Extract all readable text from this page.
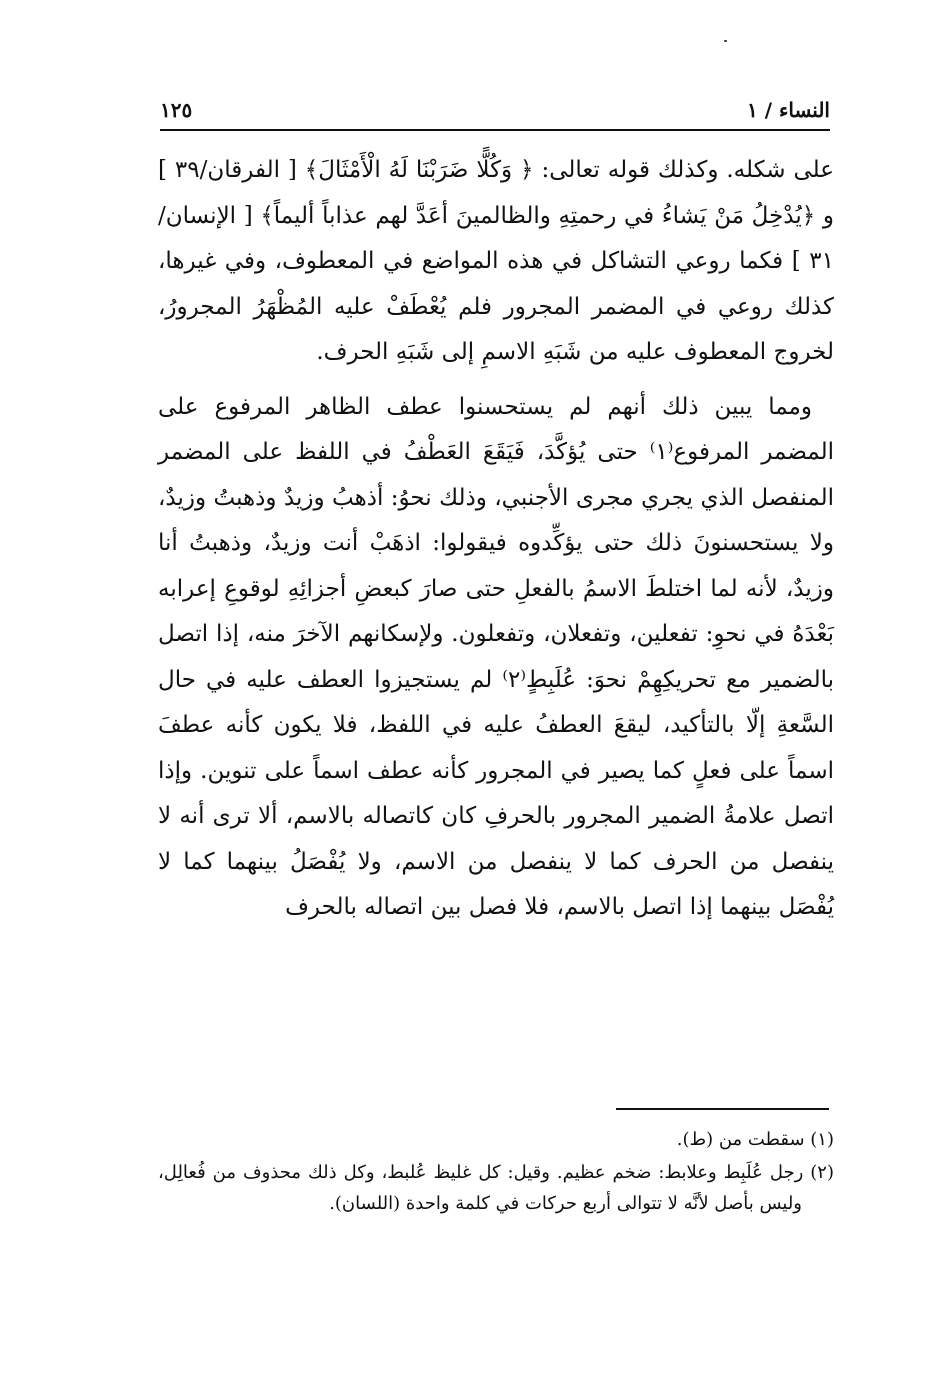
النساء / ١
١٢٥

على شكله. وكذلك قوله تعالى: ﴿ وَكُلًّا ضَرَبْنَا لَهُ الْأَمْثَالَ﴾ [ الفرقان/٣٩ ] و ﴿يُدْخِلُ مَنْ يَشاءُ في رحمتِهِ والظالمينَ أعَدَّ لهم عذاباً أليماً﴾ [ الإنسان/٣١ ] فكما روعي التشاكل في هذه المواضع في المعطوف، وفي غيرها، كذلك روعي في المضمر المجرور فلم يُعْطَفْ عليه المُظْهَرُ المجرورُ، لخروج المعطوف عليه من شَبَهِ الاسمِ إلى شَبَهِ الحرف.

ومما يبين ذلك أنهم لم يستحسنوا عطف الظاهر المرفوع على المضمر المرفوع⁽١⁾ حتى يُؤكَّدَ، فَيَقَعَ العَطْفُ في اللفظ على المضمر المنفصل الذي يجري مجرى الأجنبي، وذلك نحوُ: أذهبُ وزيدٌ وذهبتُ وزيدٌ، ولا يستحسنونَ ذلك حتى يؤكِّدوه فيقولوا: اذهَبْ أنت وزيدٌ، وذهبتُ أنا وزيدٌ، لأنه لما اختلطَ الاسمُ بالفعلِ حتى صارَ كبعضِ أجزائِهِ لوقوعِ إعرابه بَعْدَهُ في نحوِ: تفعلين، وتفعلان، وتفعلون. ولإسكانهم الآخرَ منه، إذا اتصل بالضمير مع تحريكِهِمْ نحوَ: عُلَبِطٍ⁽٢⁾ لم يستجيزوا العطف عليه في حال السَّعةِ إلّا بالتأكيد، ليقعَ العطفُ عليه في اللفظ، فلا يكون كأنه عطفَ اسماً على فعلٍ كما يصير في المجرور كأنه عطف اسماً على تنوين. وإذا اتصل علامةُ الضمير المجرور بالحرفِ كان كاتصاله بالاسم، ألا ترى أنه لا ينفصل من الحرف كما لا ينفصل من الاسم، ولا يُفْصَلُ بينهما كما لا يُفْصَل بينهما إذا اتصل بالاسم، فلا فصل بين اتصاله بالحرف

(١) سقطت من (ط).

(٢) رجل عُلَبِط وعلابط: ضخم عظيم. وقيل: كل غليظ عُلبط، وكل ذلك محذوف من فُعالِل، وليس بأصل لأنَّه لا تتوالى أربع حركات في كلمة واحدة (اللسان).
